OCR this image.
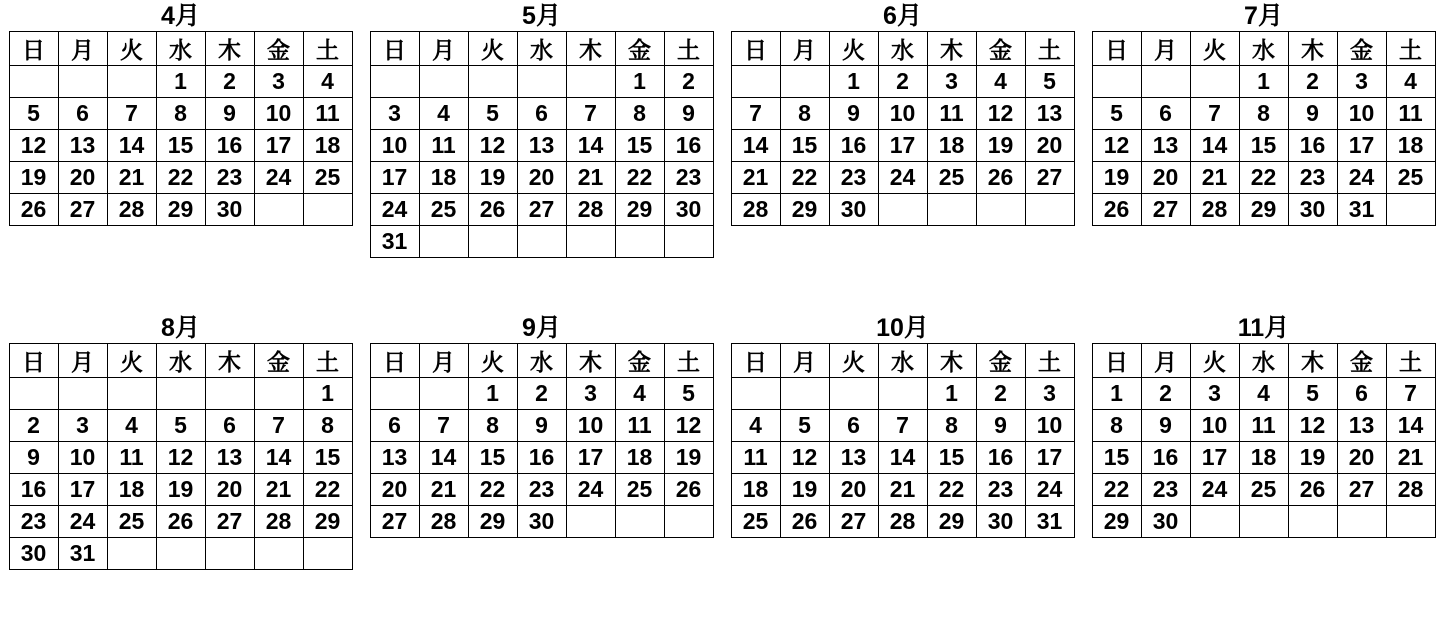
4月
日	月	火	水	木	金	土
			1	2	3	4
5	6	7	8	9	10	11
12	13	14	15	16	17	18
19	20	21	22	23	24	25
26	27	28	29	30		
5月
日	月	火	水	木	金	土
					1	2
3	4	5	6	7	8	9
10	11	12	13	14	15	16
17	18	19	20	21	22	23
24	25	26	27	28	29	30
31						
6月
日	月	火	水	木	金	土
		1	2	3	4	5
7	8	9	10	11	12	13
14	15	16	17	18	19	20
21	22	23	24	25	26	27
28	29	30				
7月
日	月	火	水	木	金	土
			1	2	3	4
5	6	7	8	9	10	11
12	13	14	15	16	17	18
19	20	21	22	23	24	25
26	27	28	29	30	31	
8月
日	月	火	水	木	金	土
						1
2	3	4	5	6	7	8
9	10	11	12	13	14	15
16	17	18	19	20	21	22
23	24	25	26	27	28	29
30	31					
9月
日	月	火	水	木	金	土
		1	2	3	4	5
6	7	8	9	10	11	12
13	14	15	16	17	18	19
20	21	22	23	24	25	26
27	28	29	30			
10月
日	月	火	水	木	金	土
				1	2	3
4	5	6	7	8	9	10
11	12	13	14	15	16	17
18	19	20	21	22	23	24
25	26	27	28	29	30	31
11月
日	月	火	水	木	金	土
1	2	3	4	5	6	7
8	9	10	11	12	13	14
15	16	17	18	19	20	21
22	23	24	25	26	27	28
29	30					
